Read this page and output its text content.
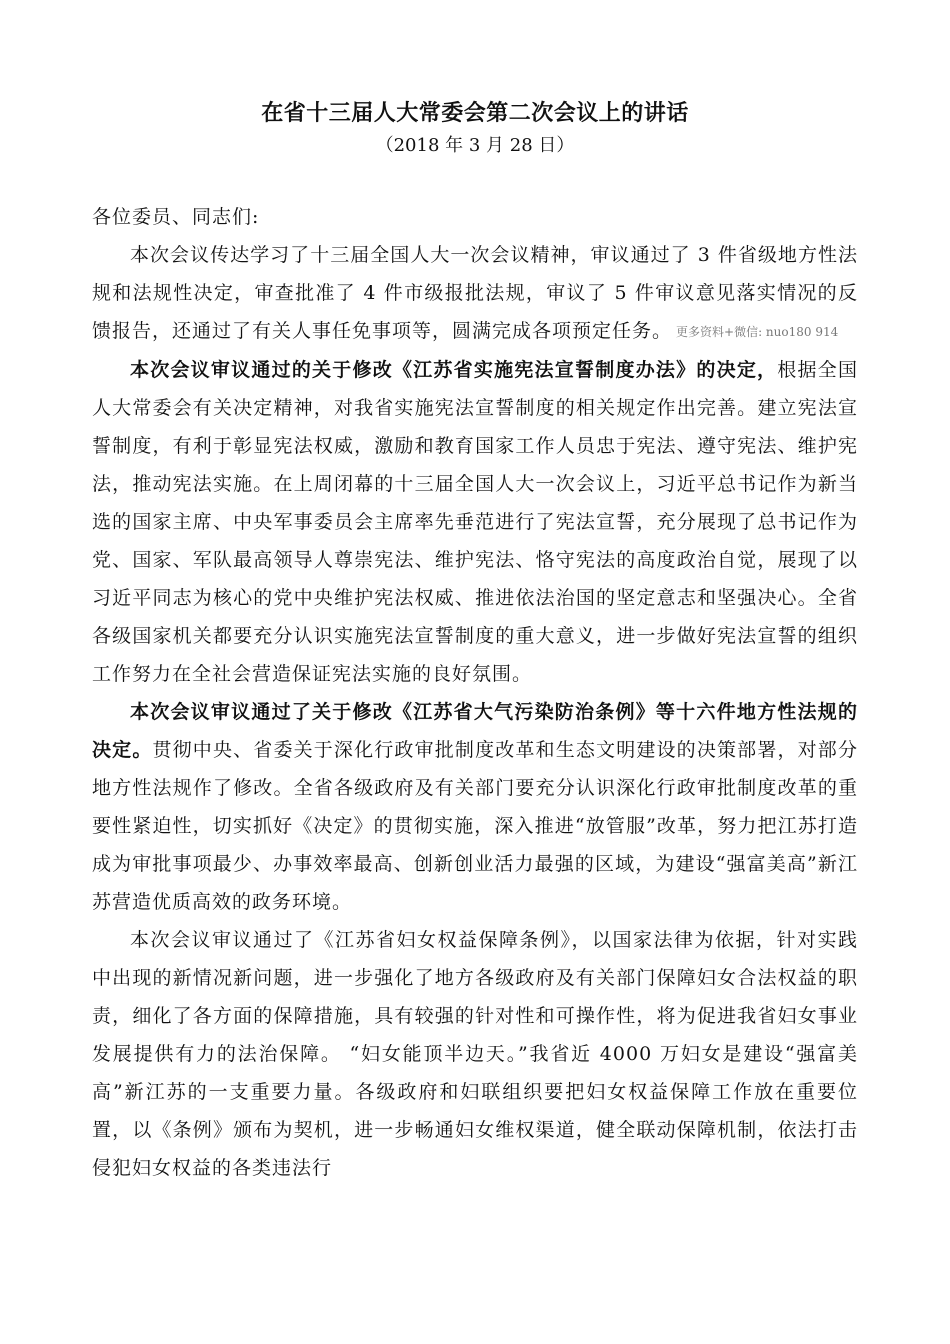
在省十三届人大常委会第二次会议上的讲话
（2018 年 3 月 28 日）

各位委员、同志们:

本次会议传达学习了十三届全国人大一次会议精神，审议通过了 3 件省级地方性法规和法规性决定，审查批准了 4 件市级报批法规，审议了 5 件审议意见落实情况的反馈报告，还通过了有关人事任免事项等，圆满完成各项预定任务。 更多资料+微信: nuo180 914

本次会议审议通过的关于修改《江苏省实施宪法宣誓制度办法》的决定，根据全国人大常委会有关决定精神，对我省实施宪法宣誓制度的相关规定作出完善。建立宪法宣誓制度，有利于彰显宪法权威，激励和教育国家工作人员忠于宪法、遵守宪法、维护宪法，推动宪法实施。在上周闭幕的十三届全国人大一次会议上，习近平总书记作为新当选的国家主席、中央军事委员会主席率先垂范进行了宪法宣誓，充分展现了总书记作为党、国家、军队最高领导人尊崇宪法、维护宪法、恪守宪法的高度政治自觉，展现了以习近平同志为核心的党中央维护宪法权威、推进依法治国的坚定意志和坚强决心。全省各级国家机关都要充分认识实施宪法宣誓制度的重大意义，进一步做好宪法宣誓的组织工作努力在全社会营造保证宪法实施的良好氛围。

本次会议审议通过了关于修改《江苏省大气污染防治条例》等十六件地方性法规的决定。贯彻中央、省委关于深化行政审批制度改革和生态文明建设的决策部署，对部分地方性法规作了修改。全省各级政府及有关部门要充分认识深化行政审批制度改革的重要性紧迫性，切实抓好《决定》的贯彻实施，深入推进“放管服”改革，努力把江苏打造成为审批事项最少、办事效率最高、创新创业活力最强的区域，为建设“强富美高”新江苏营造优质高效的政务环境。

本次会议审议通过了《江苏省妇女权益保障条例》，以国家法律为依据，针对实践中出现的新情况新问题，进一步强化了地方各级政府及有关部门保障妇女合法权益的职责，细化了各方面的保障措施，具有较强的针对性和可操作性，将为促进我省妇女事业发展提供有力的法治保障。 “妇女能顶半边天。”我省近 4000 万妇女是建设“强富美高”新江苏的一支重要力量。各级政府和妇联组织要把妇女权益保障工作放在重要位置，以《条例》颁布为契机，进一步畅通妇女维权渠道，健全联动保障机制，依法打击侵犯妇女权益的各类违法行
